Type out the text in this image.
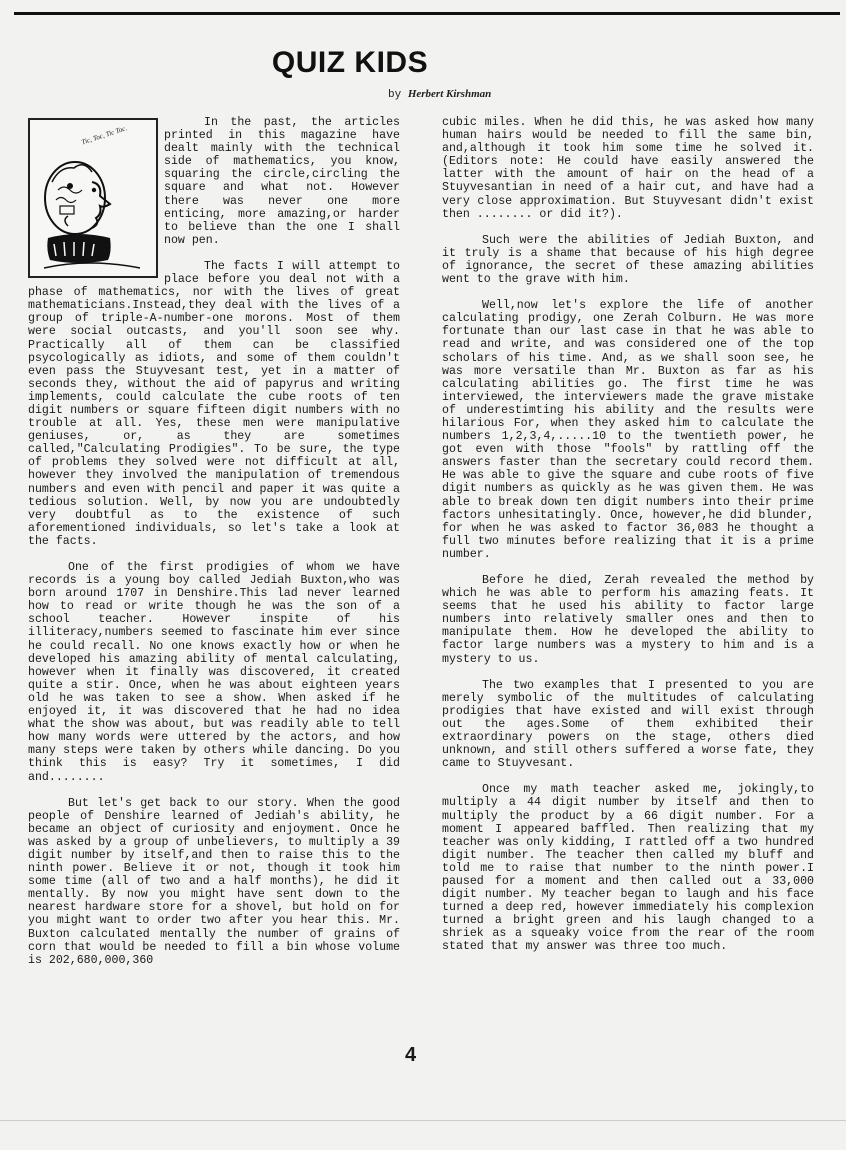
QUIZ KIDS
by Herbert Kirshman
Tic, Toc, Tic Toc.

In the past, the articles printed in this magazine have dealt mainly with the technical side of mathematics, you know, squaring the circle,circling the square and what not. However there was never one more enticing, more amazing,or harder to believe than the one I shall now pen.

The facts I will attempt to place before you deal not with a phase of mathematics, nor with the lives of great mathematicians.Instead,they deal with the lives of a group of triple-A-number-one morons. Most of them were social outcasts, and you'll soon see why. Practically all of them can be classified psycologically as idiots, and some of them couldn't even pass the Stuyvesant test, yet in a matter of seconds they, without the aid of papyrus and writing implements, could calculate the cube roots of ten digit numbers or square fifteen digit numbers with no trouble at all. Yes, these men were manipulative geniuses, or, as they are sometimes called,"Calculating Prodigies". To be sure, the type of problems they solved were not difficult at all, however they involved the manipulation of tremendous numbers and even with pencil and paper it was quite a tedious solution. Well, by now you are undoubtedly very doubtful as to the existence of such aforementioned individuals, so let's take a look at the facts.

One of the first prodigies of whom we have records is a young boy called Jediah Buxton,who was born around 1707 in Denshire.This lad never learned how to read or write though he was the son of a school teacher. However inspite of his illiteracy,numbers seemed to fascinate him ever since he could recall. No one knows exactly how or when he developed his amazing ability of mental calculating, however when it finally was discovered, it created quite a stir. Once, when he was about eighteen years old he was taken to see a show. When asked if he enjoyed it, it was discovered that he had no idea what the show was about, but was readily able to tell how many words were uttered by the actors, and how many steps were taken by others while dancing. Do you think this is easy? Try it sometimes, I did and........

But let's get back to our story. When the good people of Denshire learned of Jediah's ability, he became an object of curiosity and enjoyment. Once he was asked by a group of unbelievers, to multiply a 39 digit number by itself,and then to raise this to the ninth power. Believe it or not, though it took him some time (all of two and a half months), he did it mentally. By now you might have sent down to the nearest hardware store for a shovel, but hold on for you might want to order two after you hear this. Mr. Buxton calculated mentally the number of grains of corn that would be needed to fill a bin whose volume is 202,680,000,360

cubic miles. When he did this, he was asked how many human hairs would be needed to fill the same bin, and,although it took him some time he solved it. (Editors note: He could have easily answered the latter with the amount of hair on the head of a Stuyvesantian in need of a hair cut, and have had a very close approximation. But Stuyvesant didn't exist then ........ or did it?).

Such were the abilities of Jediah Buxton, and it truly is a shame that because of his high degree of ignorance, the secret of these amazing abilities went to the grave with him.

Well,now let's explore the life of another calculating prodigy, one Zerah Colburn. He was more fortunate than our last case in that he was able to read and write, and was considered one of the top scholars of his time. And, as we shall soon see, he was more versatile than Mr. Buxton as far as his calculating abilities go. The first time he was interviewed, the interviewers made the grave mistake of underestimting his ability and the results were hilarious For, when they asked him to calculate the numbers 1,2,3,4,.....10 to the twentieth power, he got even with those "fools" by rattling off the answers faster than the secretary could record them. He was able to give the square and cube roots of five digit numbers as quickly as he was given them. He was able to break down ten digit numbers into their prime factors unhesitatingly. Once, however,he did blunder, for when he was asked to factor 36,083 he thought a full two minutes before realizing that it is a prime number.

Before he died, Zerah revealed the method by which he was able to perform his amazing feats. It seems that he used his ability to factor large numbers into relatively smaller ones and then to manipulate them. How he developed the ability to factor large numbers was a mystery to him and is a mystery to us.

The two examples that I presented to you are merely symbolic of the multitudes of calculating prodigies that have existed and will exist through out the ages.Some of them exhibited their extraordinary powers on the stage, others died unknown, and still others suffered a worse fate, they came to Stuyvesant.

Once my math teacher asked me, jokingly,to multiply a 44 digit number by itself and then to multiply the product by a 66 digit number. For a moment I appeared baffled. Then realizing that my teacher was only kidding, I rattled off a two hundred digit number. The teacher then called my bluff and told me to raise that number to the ninth power.I paused for a moment and then called out a 33,000 digit number. My teacher began to laugh and his face turned a deep red, however immediately his complexion turned a bright green and his laugh changed to a shriek as a squeaky voice from the rear of the room stated that my answer was three too much.

4
